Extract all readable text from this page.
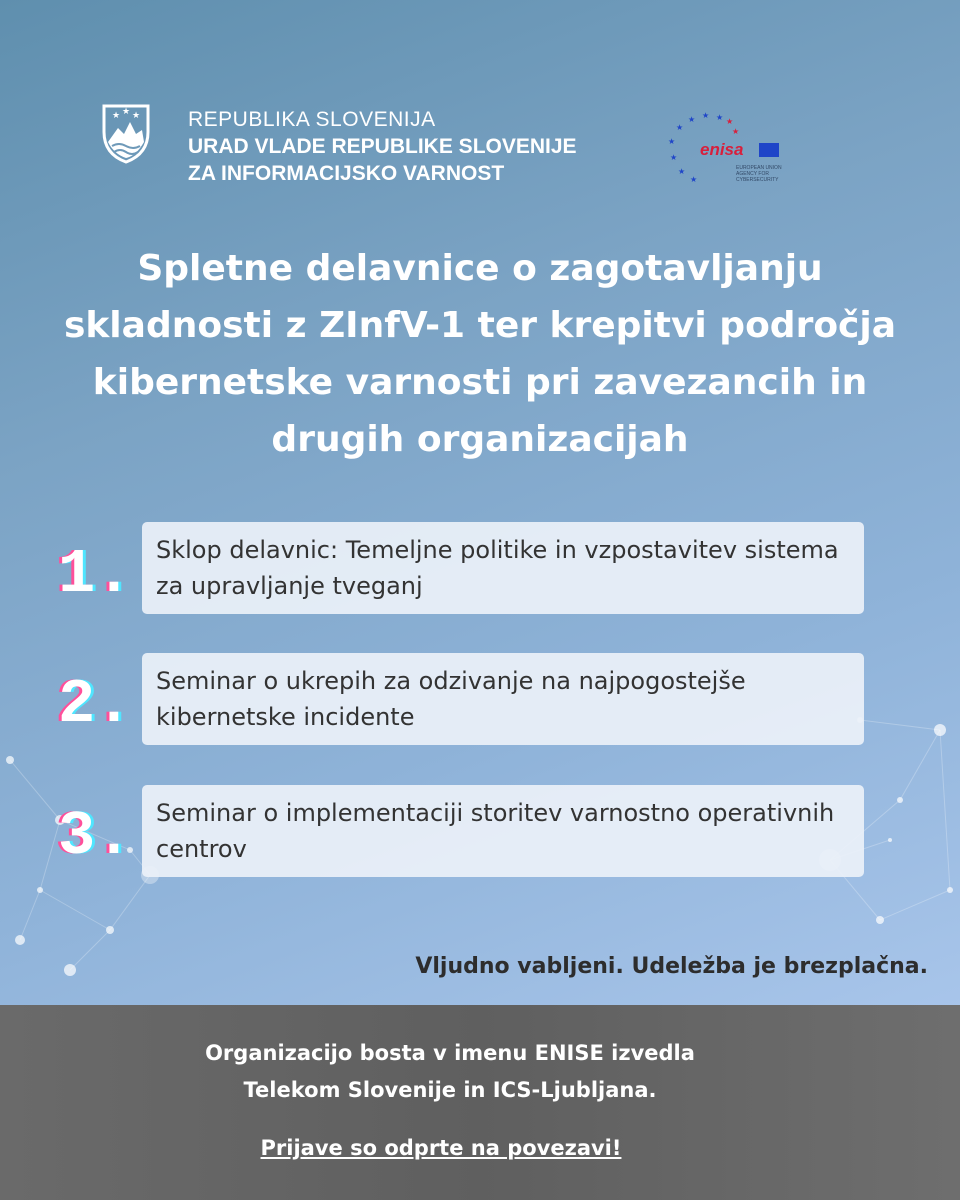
★ ★ ★ REPUBLIKA SLOVENIJA
URAD VLADE REPUBLIKE SLOVENIJE
ZA INFORMACIJSKO VARNOST
★
★ ★ ★
★
★
★
★
★
★
enisa
EUROPEAN UNION AGENCY FOR CYBERSECURITY
Spletne delavnice o zagotavljanju skladnosti z ZInfV-1 ter krepitvi področja kibernetske varnosti pri zavezancih in drugih organizacijah
1. Sklop delavnic: Temeljne politike in vzpostavitev sistema za upravljanje tveganj
2. Seminar o ukrepih za odzivanje na najpogostejše kibernetske incidente
3. Seminar o implementaciji storitev varnostno operativnih centrov
Vljudno vabljeni. Udeležba je brezplačna.
Organizacijo bosta v imenu ENISE izvedla
Telekom Slovenije in ICS-Ljubljana.
Prijave so odprte na povezavi!
